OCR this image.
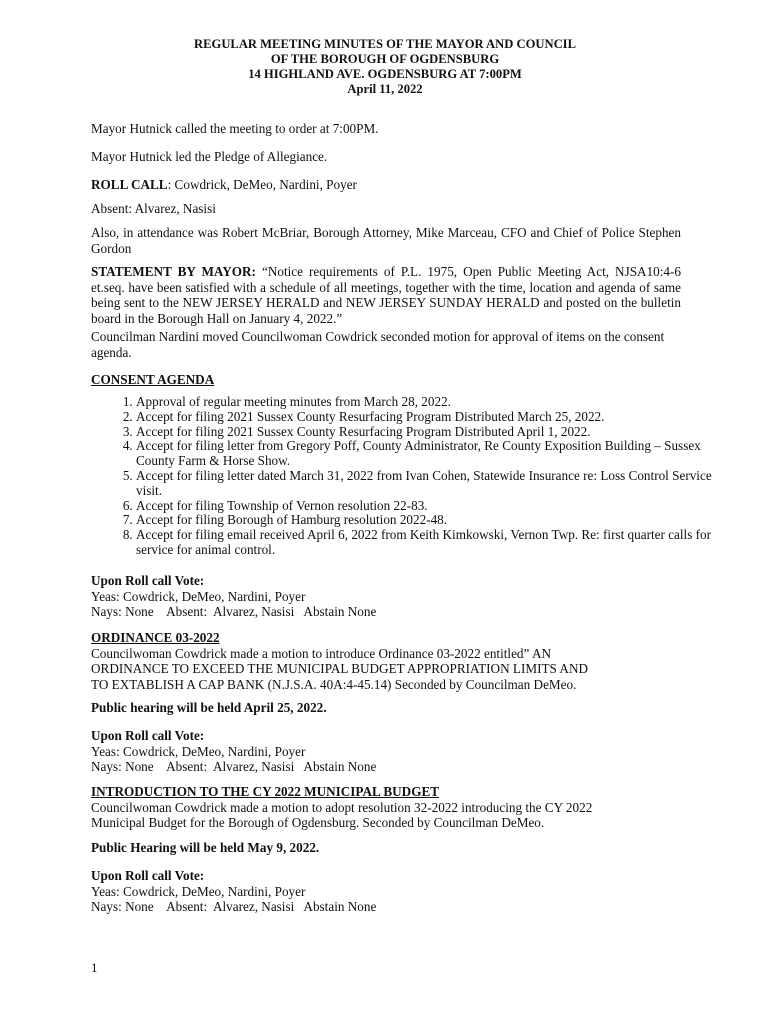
REGULAR MEETING MINUTES OF THE MAYOR AND COUNCIL
OF THE BOROUGH OF OGDENSBURG
14 HIGHLAND AVE. OGDENSBURG AT 7:00PM
April 11, 2022
Mayor Hutnick called the meeting to order at 7:00PM.
Mayor Hutnick led the Pledge of Allegiance.
ROLL CALL: Cowdrick, DeMeo, Nardini, Poyer
Absent: Alvarez, Nasisi
Also, in attendance was Robert McBriar, Borough Attorney, Mike Marceau, CFO and Chief of Police Stephen Gordon
STATEMENT BY MAYOR: “Notice requirements of P.L. 1975, Open Public Meeting Act, NJSA10:4-6 et.seq. have been satisfied with a schedule of all meetings, together with the time, location and agenda of same being sent to the NEW JERSEY HERALD and NEW JERSEY SUNDAY HERALD and posted on the bulletin board in the Borough Hall on January 4, 2022.”
Councilman Nardini moved Councilwoman Cowdrick seconded motion for approval of items on the consent agenda.
CONSENT AGENDA
1. Approval of regular meeting minutes from March 28, 2022.
2. Accept for filing 2021 Sussex County Resurfacing Program Distributed March 25, 2022.
3. Accept for filing 2021 Sussex County Resurfacing Program Distributed April 1, 2022.
4. Accept for filing letter from Gregory Poff, County Administrator, Re County Exposition Building – Sussex County Farm & Horse Show.
5. Accept for filing letter dated March 31, 2022 from Ivan Cohen, Statewide Insurance re: Loss Control Service visit.
6. Accept for filing Township of Vernon resolution 22-83.
7. Accept for filing Borough of Hamburg resolution 2022-48.
8. Accept for filing email received April 6, 2022 from Keith Kimkowski, Vernon Twp. Re: first quarter calls for service for animal control.
Upon Roll call Vote:
Yeas: Cowdrick, DeMeo, Nardini, Poyer
Nays: None    Absent:  Alvarez, Nasisi   Abstain None
ORDINANCE 03-2022
Councilwoman Cowdrick made a motion to introduce Ordinance 03-2022 entitled” AN
ORDINANCE TO EXCEED THE MUNICIPAL BUDGET APPROPRIATION LIMITS AND
TO EXTABLISH A CAP BANK (N.J.S.A. 40A:4-45.14) Seconded by Councilman DeMeo.
Public hearing will be held April 25, 2022.
Upon Roll call Vote:
Yeas: Cowdrick, DeMeo, Nardini, Poyer
Nays: None    Absent:  Alvarez, Nasisi   Abstain None
INTRODUCTION TO THE CY 2022 MUNICIPAL BUDGET
Councilwoman Cowdrick made a motion to adopt resolution 32-2022 introducing the CY 2022
Municipal Budget for the Borough of Ogdensburg. Seconded by Councilman DeMeo.
Public Hearing will be held May 9, 2022.
Upon Roll call Vote:
Yeas: Cowdrick, DeMeo, Nardini, Poyer
Nays: None    Absent:  Alvarez, Nasisi   Abstain None
1
